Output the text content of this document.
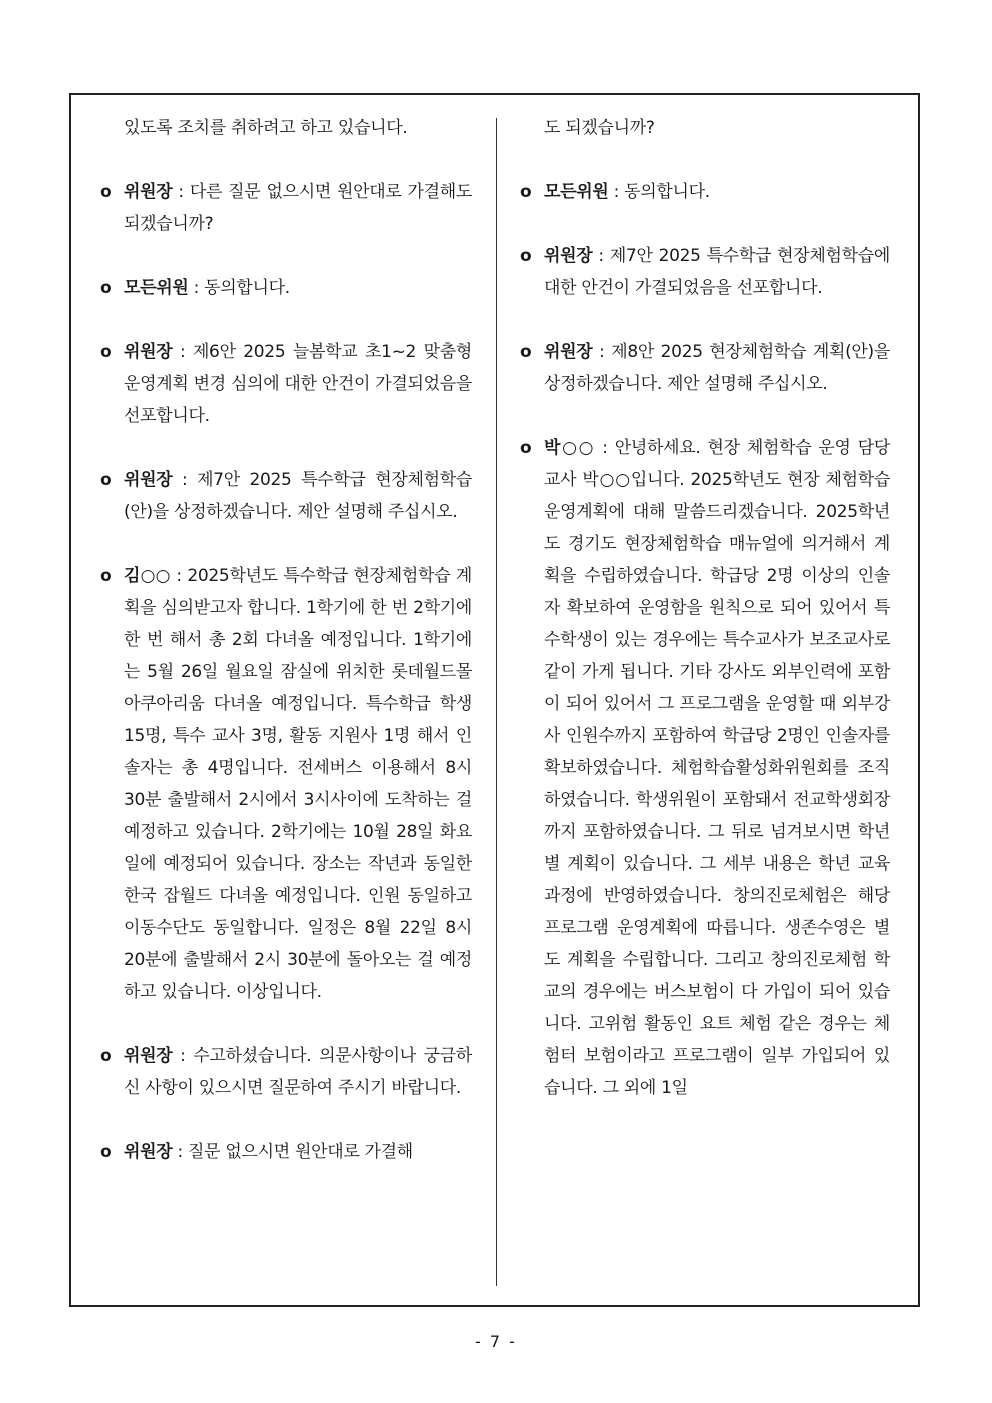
있도록 조치를 취하려고 하고 있습니다.
o 위원장 : 다른 질문 없으시면 원안대로 가결해도 되겠습니까?
o 모든위원 : 동의합니다.
o 위원장 : 제6안 2025 늘봄학교 초1~2 맞춤형 운영계획 변경 심의에 대한 안건이 가결되었음을 선포합니다.
o 위원장 : 제7안 2025 특수학급 현장체험학습(안)을 상정하겠습니다. 제안 설명해 주십시오.
o 김○○ : 2025학년도 특수학급 현장체험학습 계획을 심의받고자 합니다. 1학기에 한 번 2학기에 한 번 해서 총 2회 다녀올 예정입니다. 1학기에는 5월 26일 월요일 잠실에 위치한 롯데월드몰 아쿠아리움 다녀올 예정입니다. 특수학급 학생 15명, 특수 교사 3명, 활동 지원사 1명 해서 인솔자는 총 4명입니다. 전세버스 이용해서 8시 30분 출발해서 2시에서 3시사이에 도착하는 걸 예정하고 있습니다. 2학기에는 10월 28일 화요일에 예정되어 있습니다. 장소는 작년과 동일한 한국 잡월드 다녀올 예정입니다. 인원 동일하고 이동수단도 동일합니다. 일정은 8월 22일 8시 20분에 출발해서 2시 30분에 돌아오는 걸 예정하고 있습니다. 이상입니다.
o 위원장 : 수고하셨습니다. 의문사항이나 궁금하신 사항이 있으시면 질문하여 주시기 바랍니다.
o 위원장 : 질문 없으시면 원안대로 가결해
도 되겠습니까?
o 모든위원 : 동의합니다.
o 위원장 : 제7안 2025 특수학급 현장체험학습에 대한 안건이 가결되었음을 선포합니다.
o 위원장 : 제8안 2025 현장체험학습 계획(안)을 상정하겠습니다. 제안 설명해 주십시오.
o 박○○ : 안녕하세요. 현장 체험학습 운영 담당 교사 박○○입니다. 2025학년도 현장 체험학습 운영계획에 대해 말씀드리겠습니다. 2025학년도 경기도 현장체험학습 매뉴얼에 의거해서 계획을 수립하였습니다. 학급당 2명 이상의 인솔자 확보하여 운영함을 원칙으로 되어 있어서 특수학생이 있는 경우에는 특수교사가 보조교사로 같이 가게 됩니다. 기타 강사도 외부인력에 포함이 되어 있어서 그 프로그램을 운영할 때 외부강사 인원수까지 포함하여 학급당 2명인 인솔자를 확보하였습니다. 체험학습활성화위원회를 조직하였습니다. 학생위원이 포함돼서 전교학생회장까지 포함하였습니다. 그 뒤로 넘겨보시면 학년별 계획이 있습니다. 그 세부 내용은 학년 교육 과정에 반영하였습니다. 창의진로체험은 해당 프로그램 운영계획에 따릅니다. 생존수영은 별도 계획을 수립합니다. 그리고 창의진로체험 학교의 경우에는 버스보험이 다 가입이 되어 있습니다. 고위험 활동인 요트 체험 같은 경우는 체험터 보험이라고 프로그램이 일부 가입되어 있습니다. 그 외에 1일
- 7 -
